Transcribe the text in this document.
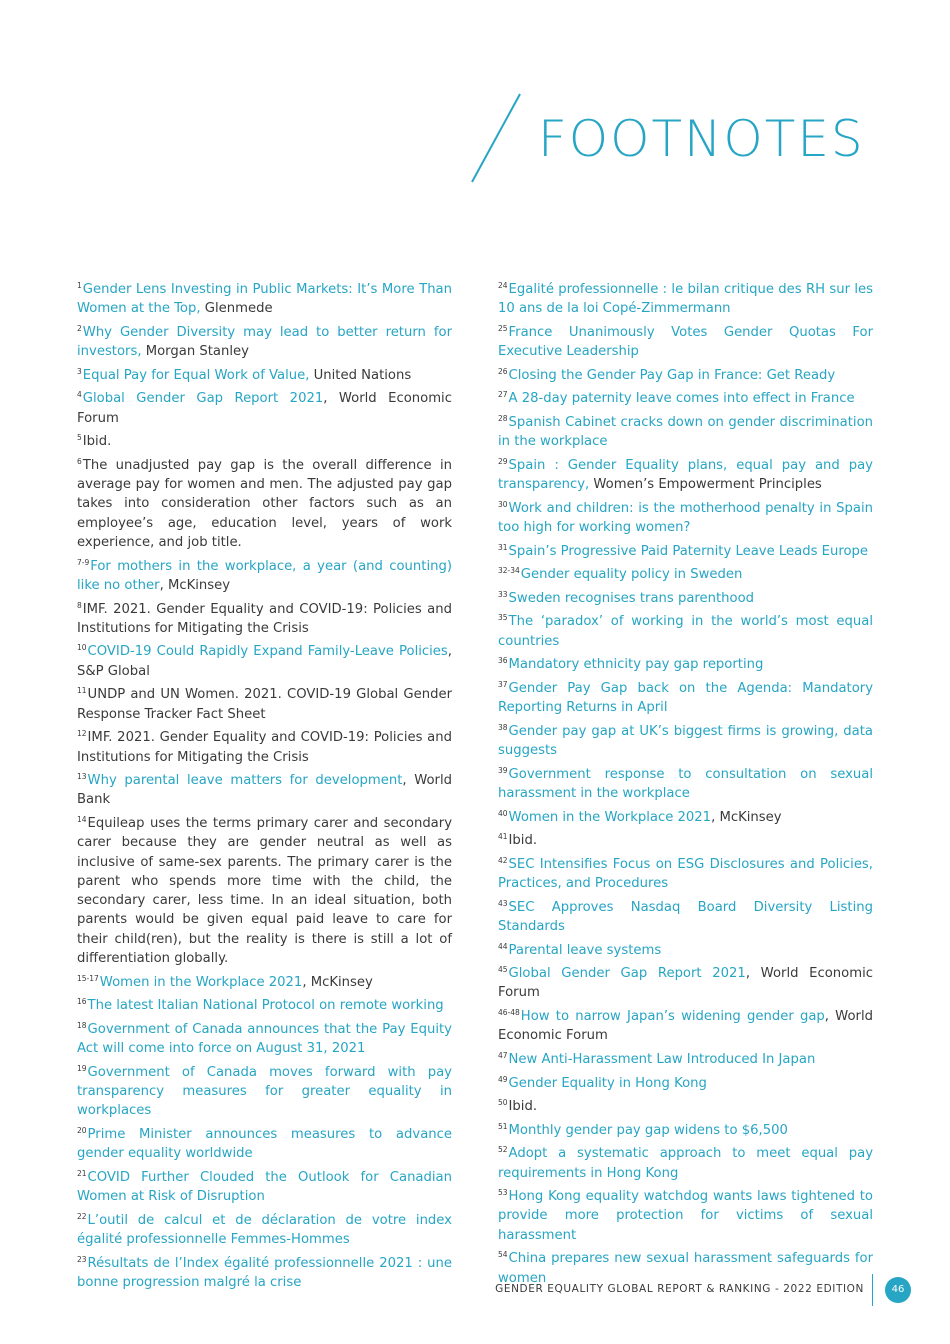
FOOTNOTES
$^1$Gender Lens Investing in Public Markets: It’s More Than Women at the Top, Glenmede
$^2$Why Gender Diversity may lead to better return for investors, Morgan Stanley
$^3$Equal Pay for Equal Work of Value, United Nations
$^4$Global Gender Gap Report 2021, World Economic Forum
$^5$Ibid.
$^6$The unadjusted pay gap is the overall difference in average pay for women and men. The adjusted pay gap takes into consideration other factors such as an employee’s age, education level, years of work experience, and job title.
$^{7-9}$For mothers in the workplace, a year (and counting) like no other, McKinsey
$^8$IMF. 2021. Gender Equality and COVID-19: Policies and Institutions for Mitigating the Crisis
$^{10}$COVID-19 Could Rapidly Expand Family-Leave Policies, S&P Global
$^{11}$UNDP and UN Women. 2021. COVID-19 Global Gender Response Tracker Fact Sheet
$^{12}$IMF. 2021. Gender Equality and COVID-19: Policies and Institutions for Mitigating the Crisis
$^{13}$Why parental leave matters for development, World Bank
$^{14}$Equileap uses the terms primary carer and secondary carer because they are gender neutral as well as inclusive of same-sex parents. The primary carer is the parent who spends more time with the child, the secondary carer, less time. In an ideal situation, both parents would be given equal paid leave to care for their child(ren), but the reality is there is still a lot of differentiation globally.
$^{15-17}$Women in the Workplace 2021, McKinsey
$^{16}$The latest Italian National Protocol on remote working
$^{18}$Government of Canada announces that the Pay Equity Act will come into force on August 31, 2021
$^{19}$Government of Canada moves forward with pay transparency measures for greater equality in workplaces
$^{20}$Prime Minister announces measures to advance gender equality worldwide
$^{21}$COVID Further Clouded the Outlook for Canadian Women at Risk of Disruption
$^{22}$L’outil de calcul et de déclaration de votre index égalité professionnelle Femmes-Hommes
$^{23}$Résultats de l’Index égalité professionnelle 2021 : une bonne progression malgré la crise
$^{24}$Egalité professionnelle : le bilan critique des RH sur les 10 ans de la loi Copé-Zimmermann
$^{25}$France Unanimously Votes Gender Quotas For Executive Leadership
$^{26}$Closing the Gender Pay Gap in France: Get Ready
$^{27}$A 28-day paternity leave comes into effect in France
$^{28}$Spanish Cabinet cracks down on gender discrimination in the workplace
$^{29}$Spain : Gender Equality plans, equal pay and pay transparency, Women’s Empowerment Principles
$^{30}$Work and children: is the motherhood penalty in Spain too high for working women?
$^{31}$Spain’s Progressive Paid Paternity Leave Leads Europe
$^{32-34}$Gender equality policy in Sweden
$^{33}$Sweden recognises trans parenthood
$^{35}$The ‘paradox’ of working in the world’s most equal countries
$^{36}$Mandatory ethnicity pay gap reporting
$^{37}$Gender Pay Gap back on the Agenda: Mandatory Reporting Returns in April
$^{38}$Gender pay gap at UK’s biggest firms is growing, data suggests
$^{39}$Government response to consultation on sexual harassment in the workplace
$^{40}$Women in the Workplace 2021, McKinsey
$^{41}$Ibid.
$^{42}$SEC Intensifies Focus on ESG Disclosures and Policies, Practices, and Procedures
$^{43}$SEC Approves Nasdaq Board Diversity Listing Standards
$^{44}$Parental leave systems
$^{45}$Global Gender Gap Report 2021, World Economic Forum
$^{46-48}$How to narrow Japan’s widening gender gap, World Economic Forum
$^{47}$New Anti-Harassment Law Introduced In Japan
$^{49}$Gender Equality in Hong Kong
$^{50}$Ibid.
$^{51}$Monthly gender pay gap widens to $6,500
$^{52}$Adopt a systematic approach to meet equal pay requirements in Hong Kong
$^{53}$Hong Kong equality watchdog wants laws tightened to provide more protection for victims of sexual harassment
$^{54}$China prepares new sexual harassment safeguards for women
GENDER EQUALITY GLOBAL REPORT & RANKING - 2022 EDITION	46
